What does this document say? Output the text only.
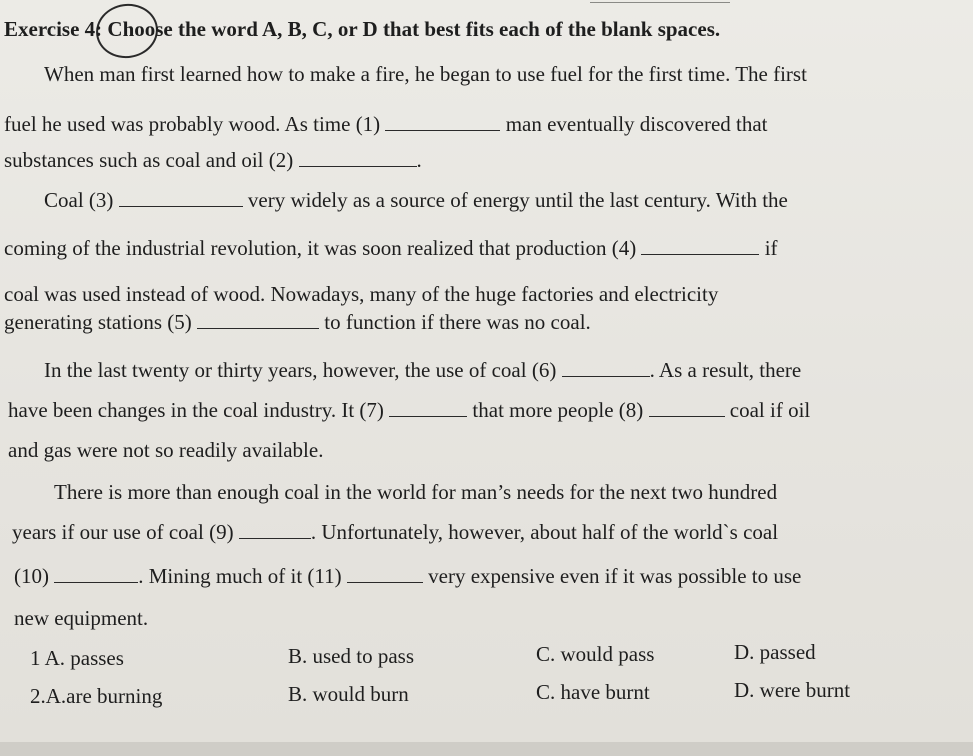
Exercise 4: Choose the word A, B, C, or D that best fits each of the blank spaces.
When man first learned how to make a fire, he began to use fuel for the first time. The first
fuel he used was probably wood. As time (1)	man eventually discovered that
substances such as coal and oil (2)	.
Coal (3)	very widely as a source of energy until the last century. With the
coming of the industrial revolution, it was soon realized that production (4)	if
coal was used instead of wood. Nowadays, many of the huge factories and electricity
generating stations (5)	to function if there was no coal.
In the last twenty or thirty years, however, the use of coal (6)	. As a result, there
have been changes in the coal industry. It (7)	that more people (8)	coal if oil
and gas were not so readily available.
There is more than enough coal in the world for man’s needs for the next two hundred
years if our use of coal (9)	. Unfortunately, however, about half of the world`s coal
(10)	. Mining much of it (11)	very expensive even if it was possible to use
new equipment.
1 A. passes	B. used to pass	C. would pass	D. passed
2.A.are burning	B. would burn	C. have burnt	D. were burnt
